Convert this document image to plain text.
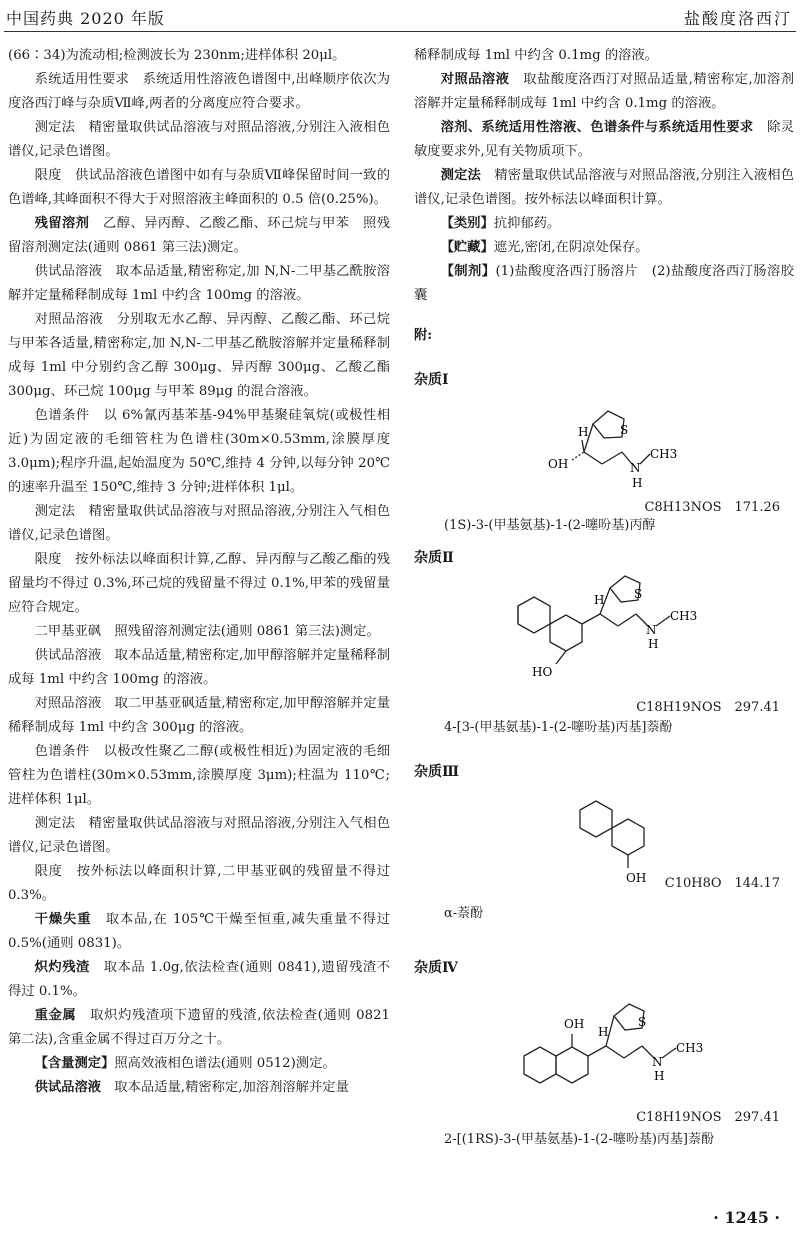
中国药典 2020 年版	盐酸度洛西汀

(66∶34)为流动相;检测波长为 230nm;进样体积 20μl。

系统适用性要求　系统适用性溶液色谱图中,出峰顺序依次为度洛西汀峰与杂质Ⅶ峰,两者的分离度应符合要求。

测定法　精密量取供试品溶液与对照品溶液,分别注入液相色谱仪,记录色谱图。

限度　供试品溶液色谱图中如有与杂质Ⅶ峰保留时间一致的色谱峰,其峰面积不得大于对照溶液主峰面积的 0.5 倍(0.25%)。

残留溶剂　乙醇、异丙醇、乙酸乙酯、环己烷与甲苯　照残留溶剂测定法(通则 0861 第三法)测定。

供试品溶液　取本品适量,精密称定,加 N,N-二甲基乙酰胺溶解并定量稀释制成每 1ml 中约含 100mg 的溶液。

对照品溶液　分别取无水乙醇、异丙醇、乙酸乙酯、环己烷与甲苯各适量,精密称定,加 N,N-二甲基乙酰胺溶解并定量稀释制成每 1ml 中分别约含乙醇 300μg、异丙醇 300μg、乙酸乙酯 300μg、环己烷 100μg 与甲苯 89μg 的混合溶液。

色谱条件　以 6%氰丙基苯基-94%甲基聚硅氧烷(或极性相近)为固定液的毛细管柱为色谱柱(30m×0.53mm,涂膜厚度 3.0μm);程序升温,起始温度为 50℃,维持 4 分钟,以每分钟 20℃的速率升温至 150℃,维持 3 分钟;进样体积 1μl。

测定法　精密量取供试品溶液与对照品溶液,分别注入气相色谱仪,记录色谱图。

限度　按外标法以峰面积计算,乙醇、异丙醇与乙酸乙酯的残留量均不得过 0.3%,环己烷的残留量不得过 0.1%,甲苯的残留量应符合规定。

二甲基亚砜　照残留溶剂测定法(通则 0861 第三法)测定。

供试品溶液　取本品适量,精密称定,加甲醇溶解并定量稀释制成每 1ml 中约含 100mg 的溶液。

对照品溶液　取二甲基亚砜适量,精密称定,加甲醇溶解并定量稀释制成每 1ml 中约含 300μg 的溶液。

色谱条件　以极改性聚乙二醇(或极性相近)为固定液的毛细管柱为色谱柱(30m×0.53mm,涂膜厚度 3μm);柱温为 110℃;进样体积 1μl。

测定法　精密量取供试品溶液与对照品溶液,分别注入气相色谱仪,记录色谱图。

限度　按外标法以峰面积计算,二甲基亚砜的残留量不得过 0.3%。

干燥失重　取本品,在 105℃干燥至恒重,减失重量不得过 0.5%(通则 0831)。

炽灼残渣　取本品 1.0g,依法检查(通则 0841),遗留残渣不得过 0.1%。

重金属　取炽灼残渣项下遗留的残渣,依法检查(通则 0821 第二法),含重金属不得过百万分之十。

【含量测定】照高效液相色谱法(通则 0512)测定。

供试品溶液　取本品适量,精密称定,加溶剂溶解并定量

稀释制成每 1ml 中约含 0.1mg 的溶液。

对照品溶液　取盐酸度洛西汀对照品适量,精密称定,加溶剂溶解并定量稀释制成每 1ml 中约含 0.1mg 的溶液。

溶剂、系统适用性溶液、色谱条件与系统适用性要求　除灵敏度要求外,见有关物质项下。

测定法　精密量取供试品溶液与对照品溶液,分别注入液相色谱仪,记录色谱图。按外标法以峰面积计算。

【类别】抗抑郁药。

【贮藏】遮光,密闭,在阴凉处保存。

【制剂】(1)盐酸度洛西汀肠溶片　(2)盐酸度洛西汀肠溶胶囊

附:
杂质Ⅰ
H	S
OH	N
H
CH3
C8H13NOS　171.26
(1S)-3-(甲基氨基)-1-(2-噻吩基)丙醇
杂质Ⅱ
H S
N
H
CH3
HO
C18H19NOS　297.41
4-[3-(甲基氨基)-1-(2-噻吩基)丙基]萘酚
杂质Ⅲ
OH C10H8O　144.17
α-萘酚
杂质Ⅳ
OH
H
S
N
H
CH3
C18H19NOS　297.41
2-[(1RS)-3-(甲基氨基)-1-(2-噻吩基)丙基]萘酚
· 1245 ·
